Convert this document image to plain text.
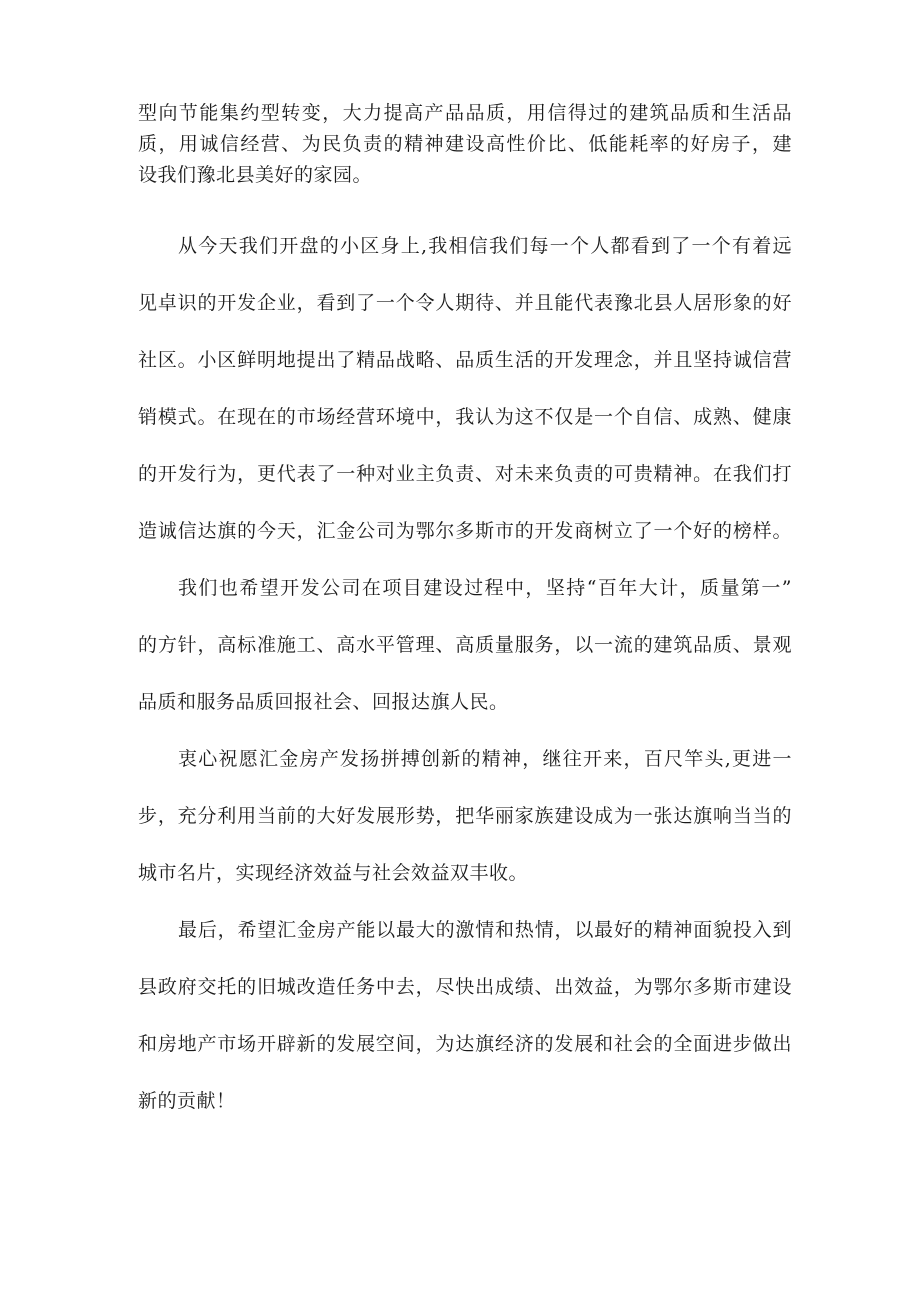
型向节能集约型转变，大力提高产品品质，用信得过的建筑品质和生活品
质，用诚信经营、为民负责的精神建设高性价比、低能耗率的好房子，建
设我们豫北县美好的家园。

从今天我们开盘的小区身上,我相信我们每一个人都看到了一个有着远
见卓识的开发企业，看到了一个令人期待、并且能代表豫北县人居形象的好
社区。小区鲜明地提出了精品战略、品质生活的开发理念，并且坚持诚信营
销模式。在现在的市场经营环境中，我认为这不仅是一个自信、成熟、健康
的开发行为，更代表了一种对业主负责、对未来负责的可贵精神。在我们打
造诚信达旗的今天，汇金公司为鄂尔多斯市的开发商树立了一个好的榜样。

我们也希望开发公司在项目建设过程中，坚持“百年大计，质量第一”
的方针，高标准施工、高水平管理、高质量服务，以一流的建筑品质、景观
品质和服务品质回报社会、回报达旗人民。

衷心祝愿汇金房产发扬拼搏创新的精神，继往开来，百尺竿头,更进一
步，充分利用当前的大好发展形势，把华丽家族建设成为一张达旗响当当的
城市名片，实现经济效益与社会效益双丰收。

最后，希望汇金房产能以最大的激情和热情，以最好的精神面貌投入到
县政府交托的旧城改造任务中去，尽快出成绩、出效益，为鄂尔多斯市建设
和房地产市场开辟新的发展空间，为达旗经济的发展和社会的全面进步做出
新的贡献！
